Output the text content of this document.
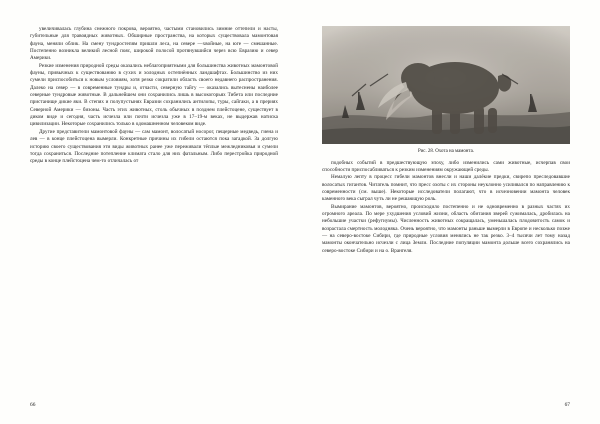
увеличивалась глубина снежного покрова, вероятно, частыми становились зимние оттепели и насты, губительные для травоядных животных. Обширные пространства, на которых существовала мамонтовая фауна, меняли облик. На смену тундростепям пришли леса, на севере —хвойные, на юге — смешанные. Постепенно возникла великий лесной пояс, широкой полосой протянувшийся через всю Евразию и север Америки.

Резкие изменения природной среды оказались неблагоприятными для большинства животных мамонтовой фауны, привычных к существованию в сухих и холодных остепнённых ландшафтах. Большинство из них сумели приспособиться к новым условиям, хотя резко сократили область своего недавнего распространения. Далеко на север — в современные тундры и, отчасти, северную тайгу — оказались вытеснены наиболее северные тундровые животные. В дальнейшем они сохранились лишь в высокогорьях Тибета или последние пристанище дикие яки. В степях и полупустынях Евразии сохранились антилопы, туры, сайгаки, а в прериях Северной Америки — бизоны. Часть этих животных, столь обычных в позднем плейстоцене, существует в диком виде и сегодня, часть исчезла или почти исчезла уже в 17–19-м веках, не выдержав натиска цивилизации. Некоторые сохранились только в одомашненном человеком виде.

Другие представители мамонтовой фауны — сам мамонт, волосатый носорог, пещерные медведь, гиена и лев — в конце плейстоцена вымерли. Конкретные причины их гибели остаются пока загадкой. За долгую историю своего существования эти виды животных ранее уже переживали тёплые межледниковья и сумели тогда сохраниться. Последние потепление климата стало для них фатальным. Либо перестройка природной среды в конце плейстоцена чем-то отличалась от

66
Рис. 28. Охота на мамонта.

подобных событий в предшествующую эпоху, либо изменились сами животные, исчерпав свои способности приспосабливаться к резким изменениям окружающей среды.

Немалую лепту в процесс гибели мамонтов внесли и наши далёкие предки, свирепо преследовавшие волосатых гигантов. Читатель помнит, что пресс охоты с их стороны неуклонно усиливался по направлению к современности (см. выше). Некоторые исследователи полагают, что в исчезновении мамонта человек каменного века сыграл чуть ли не решающую роль.

Вымирание мамонтов, вероятно, происходило постепенно и не одновременно в разных частях их огромного ареала. По мере ухудшения условий жизни, область обитания зверей сужималась, дробилась на небольшие участки (рефугиумы). Численность животных сокращалась, уменьшалась плодовитость самок и возрастала смертность молодняка. Очень вероятно, что мамонты раньше вымерли в Европе и несколько позже — на северо-востоке Сибири, где природные условия менялись не так резко. 3–4 тысячи лет тому назад мамонты окончательно исчезли с лица Земли. Последние популяции мамонта дольше всего сохранялись на северо-востоке Сибири и на о. Врангеля.

67
